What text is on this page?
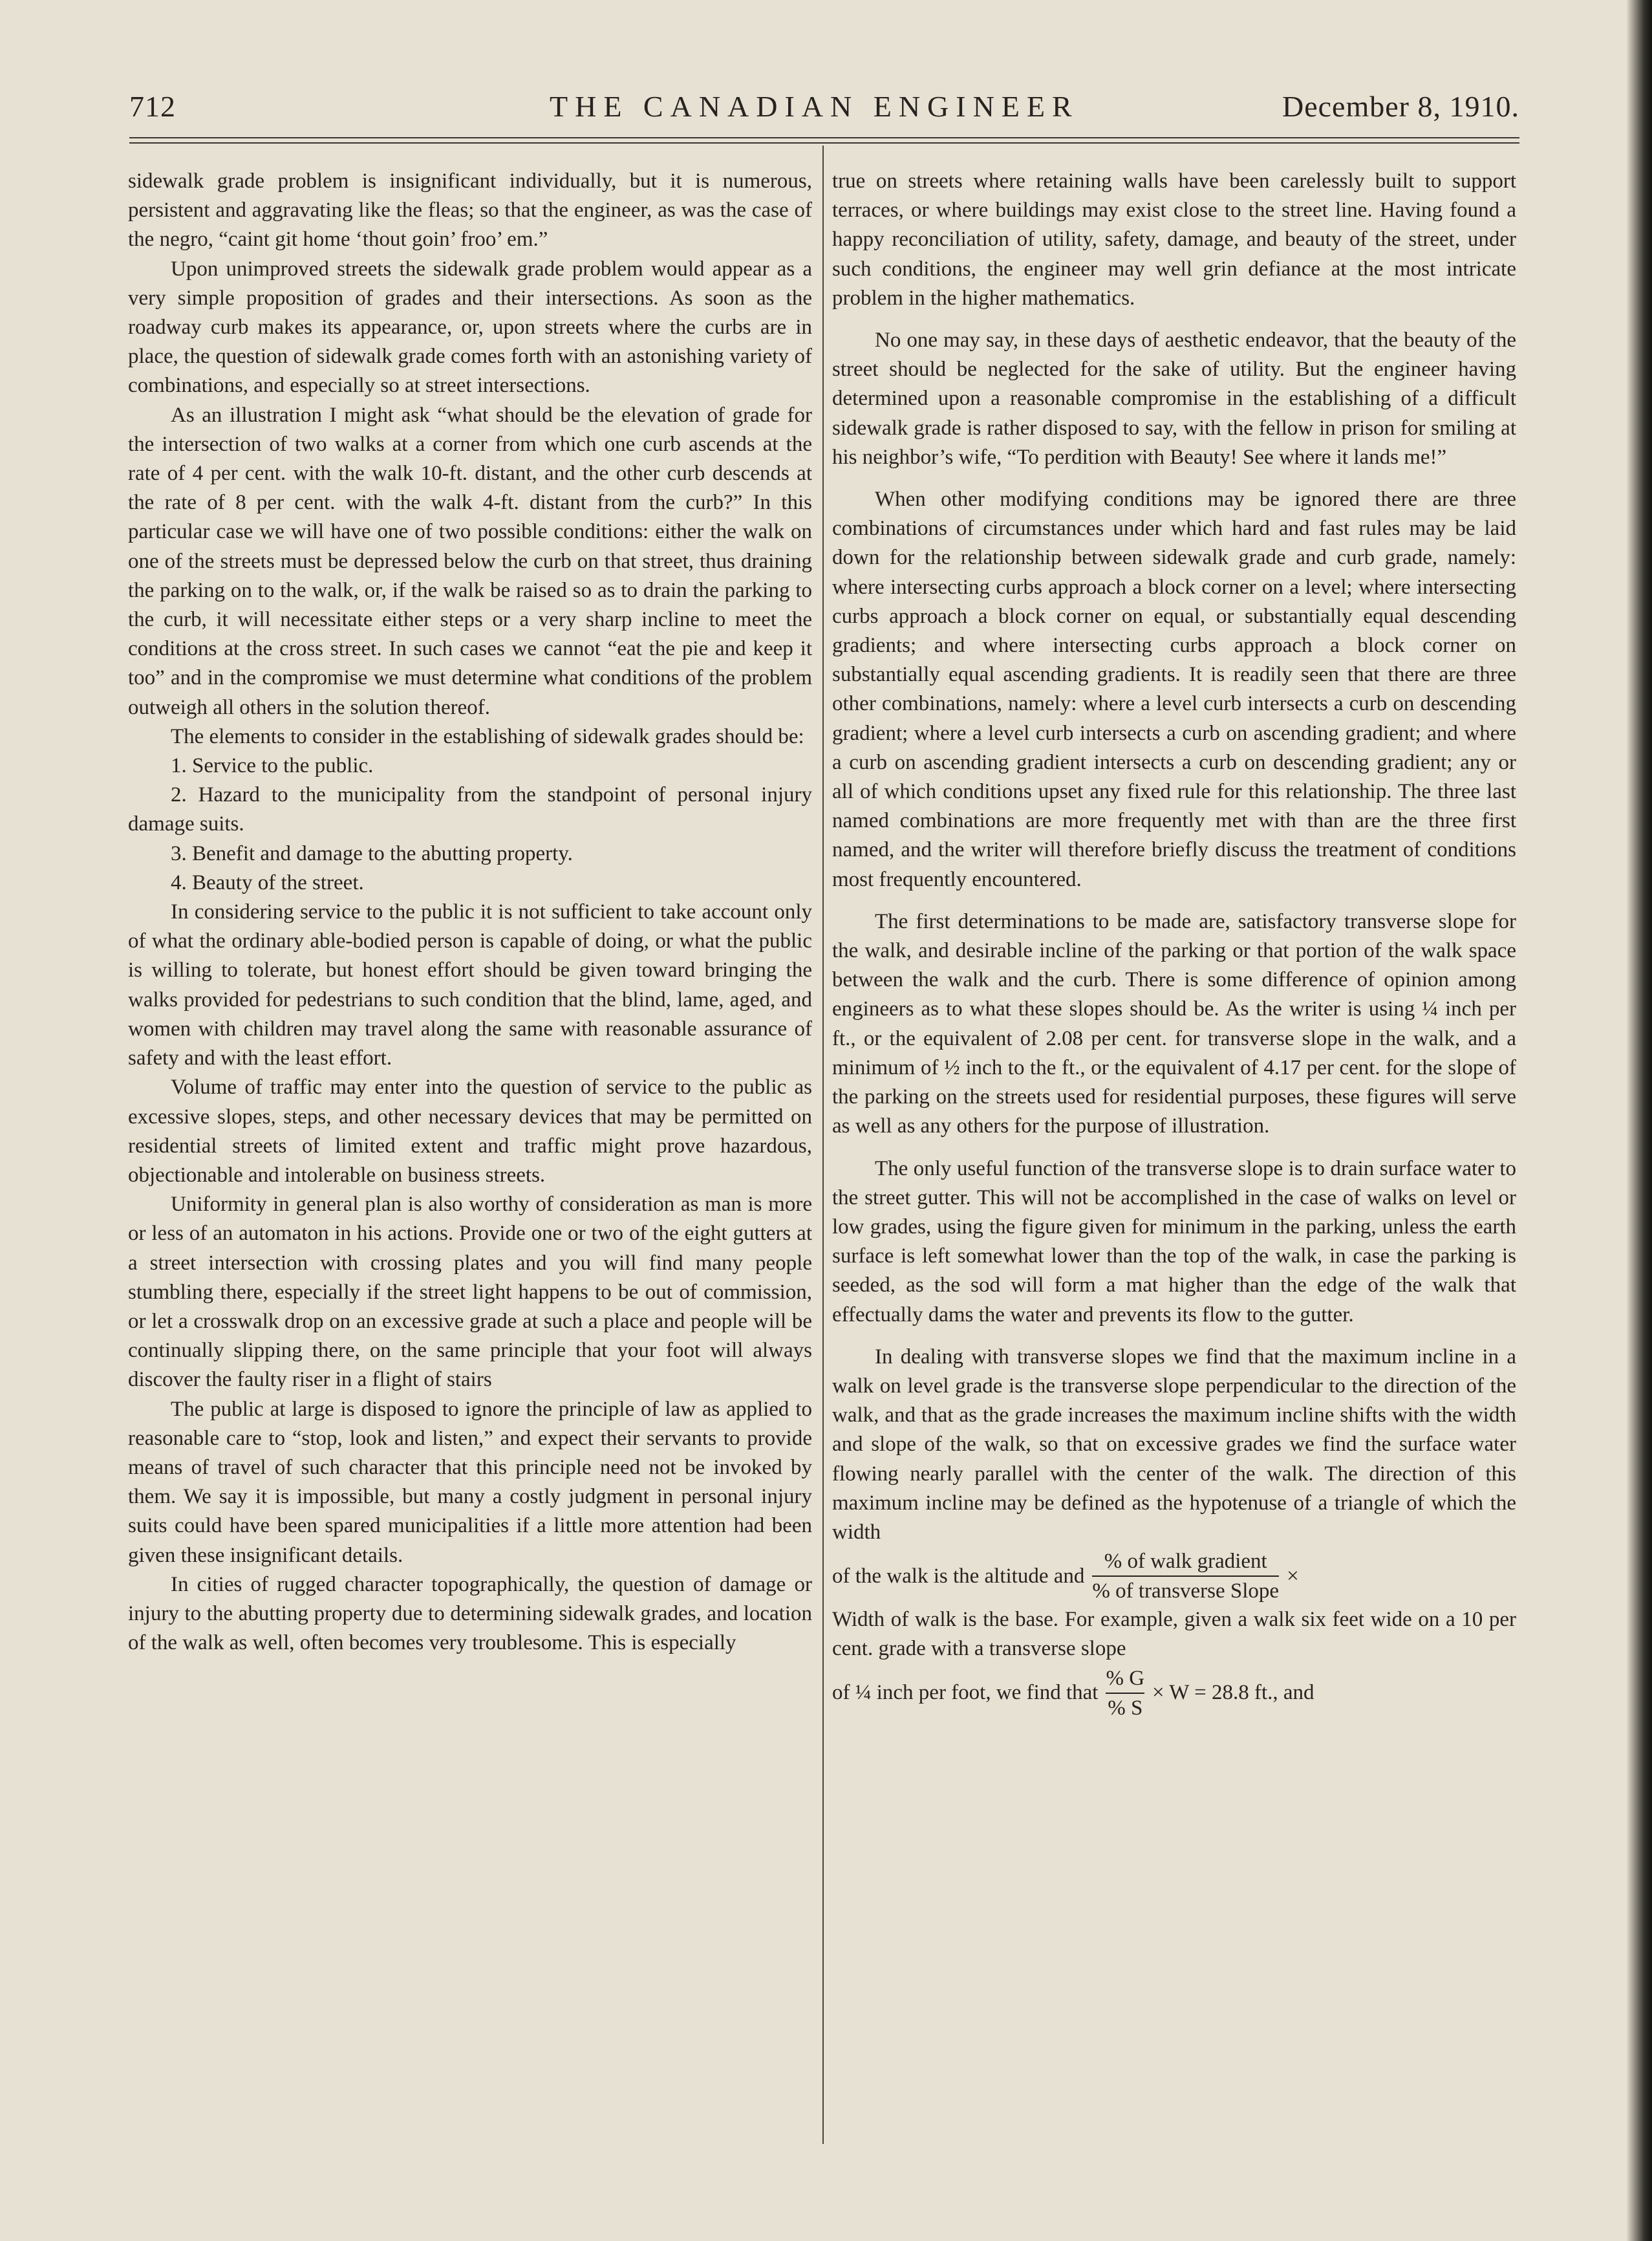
712	THE CANADIAN ENGINEER	December 8, 1910.

sidewalk grade problem is insignificant individually, but it is numerous, persistent and aggravating like the fleas; so that the engineer, as was the case of the negro, “caint git home ‘thout goin’ froo’ em.”

Upon unimproved streets the sidewalk grade problem would appear as a very simple proposition of grades and their intersections. As soon as the roadway curb makes its appearance, or, upon streets where the curbs are in place, the question of sidewalk grade comes forth with an astonishing variety of combinations, and especially so at street intersections.

As an illustration I might ask “what should be the elevation of grade for the intersection of two walks at a corner from which one curb ascends at the rate of 4 per cent. with the walk 10-ft. distant, and the other curb descends at the rate of 8 per cent. with the walk 4-ft. distant from the curb?” In this particular case we will have one of two possible conditions: either the walk on one of the streets must be depressed below the curb on that street, thus draining the parking on to the walk, or, if the walk be raised so as to drain the parking to the curb, it will necessitate either steps or a very sharp incline to meet the conditions at the cross street. In such cases we cannot “eat the pie and keep it too” and in the compromise we must determine what conditions of the problem outweigh all others in the solution thereof.

The elements to consider in the establishing of sidewalk grades should be:

1. Service to the public.

2. Hazard to the municipality from the standpoint of personal injury damage suits.

3. Benefit and damage to the abutting property.

4. Beauty of the street.

In considering service to the public it is not sufficient to take account only of what the ordinary able-bodied person is capable of doing, or what the public is willing to tolerate, but honest effort should be given toward bringing the walks provided for pedestrians to such condition that the blind, lame, aged, and women with children may travel along the same with reasonable assurance of safety and with the least effort.

Volume of traffic may enter into the question of service to the public as excessive slopes, steps, and other necessary devices that may be permitted on residential streets of limited extent and traffic might prove hazardous, objectionable and intolerable on business streets.

Uniformity in general plan is also worthy of consideration as man is more or less of an automaton in his actions. Provide one or two of the eight gutters at a street intersection with crossing plates and you will find many people stumbling there, especially if the street light happens to be out of commission, or let a crosswalk drop on an excessive grade at such a place and people will be continually slipping there, on the same principle that your foot will always discover the faulty riser in a flight of stairs

The public at large is disposed to ignore the principle of law as applied to reasonable care to “stop, look and listen,” and expect their servants to provide means of travel of such character that this principle need not be invoked by them. We say it is impossible, but many a costly judgment in personal injury suits could have been spared municipalities if a little more attention had been given these insignificant details.

In cities of rugged character topographically, the question of damage or injury to the abutting property due to determining sidewalk grades, and location of the walk as well, often becomes very troublesome. This is especially

true on streets where retaining walls have been carelessly built to support terraces, or where buildings may exist close to the street line. Having found a happy reconciliation of utility, safety, damage, and beauty of the street, under such conditions, the engineer may well grin defiance at the most intricate problem in the higher mathematics.

No one may say, in these days of aesthetic endeavor, that the beauty of the street should be neglected for the sake of utility. But the engineer having determined upon a reasonable compromise in the establishing of a difficult sidewalk grade is rather disposed to say, with the fellow in prison for smiling at his neighbor’s wife, “To perdition with Beauty! See where it lands me!”

When other modifying conditions may be ignored there are three combinations of circumstances under which hard and fast rules may be laid down for the relationship between sidewalk grade and curb grade, namely: where intersecting curbs approach a block corner on a level; where intersecting curbs approach a block corner on equal, or substantially equal descending gradients; and where intersecting curbs approach a block corner on substantially equal ascending gradients. It is readily seen that there are three other combinations, namely: where a level curb intersects a curb on descending gradient; where a level curb intersects a curb on ascending gradient; and where a curb on ascending gradient intersects a curb on descending gradient; any or all of which conditions upset any fixed rule for this relationship. The three last named combinations are more frequently met with than are the three first named, and the writer will therefore briefly discuss the treatment of conditions most frequently encountered.

The first determinations to be made are, satisfactory transverse slope for the walk, and desirable incline of the parking or that portion of the walk space between the walk and the curb. There is some difference of opinion among engineers as to what these slopes should be. As the writer is using ¼ inch per ft., or the equivalent of 2.08 per cent. for transverse slope in the walk, and a minimum of ½ inch to the ft., or the equivalent of 4.17 per cent. for the slope of the parking on the streets used for residential purposes, these figures will serve as well as any others for the purpose of illustration.

The only useful function of the transverse slope is to drain surface water to the street gutter. This will not be accomplished in the case of walks on level or low grades, using the figure given for minimum in the parking, unless the earth surface is left somewhat lower than the top of the walk, in case the parking is seeded, as the sod will form a mat higher than the edge of the walk that effectually dams the water and prevents its flow to the gutter.

In dealing with transverse slopes we find that the maximum incline in a walk on level grade is the transverse slope perpendicular to the direction of the walk, and that as the grade increases the maximum incline shifts with the width and slope of the walk, so that on excessive grades we find the surface water flowing nearly parallel with the center of the walk. The direction of this maximum incline may be defined as the hypotenuse of a triangle of which the width

of the walk is the altitude and $\frac{\text{\% of walk gradient}}{\text{\% of transverse Slope}}$ ×

Width of walk is the base. For example, given a walk six feet wide on a 10 per cent. grade with a transverse slope

of ¼ inch per foot, we find that $\frac{\% G}{\% S} \times W = 28.8$ ft., and
